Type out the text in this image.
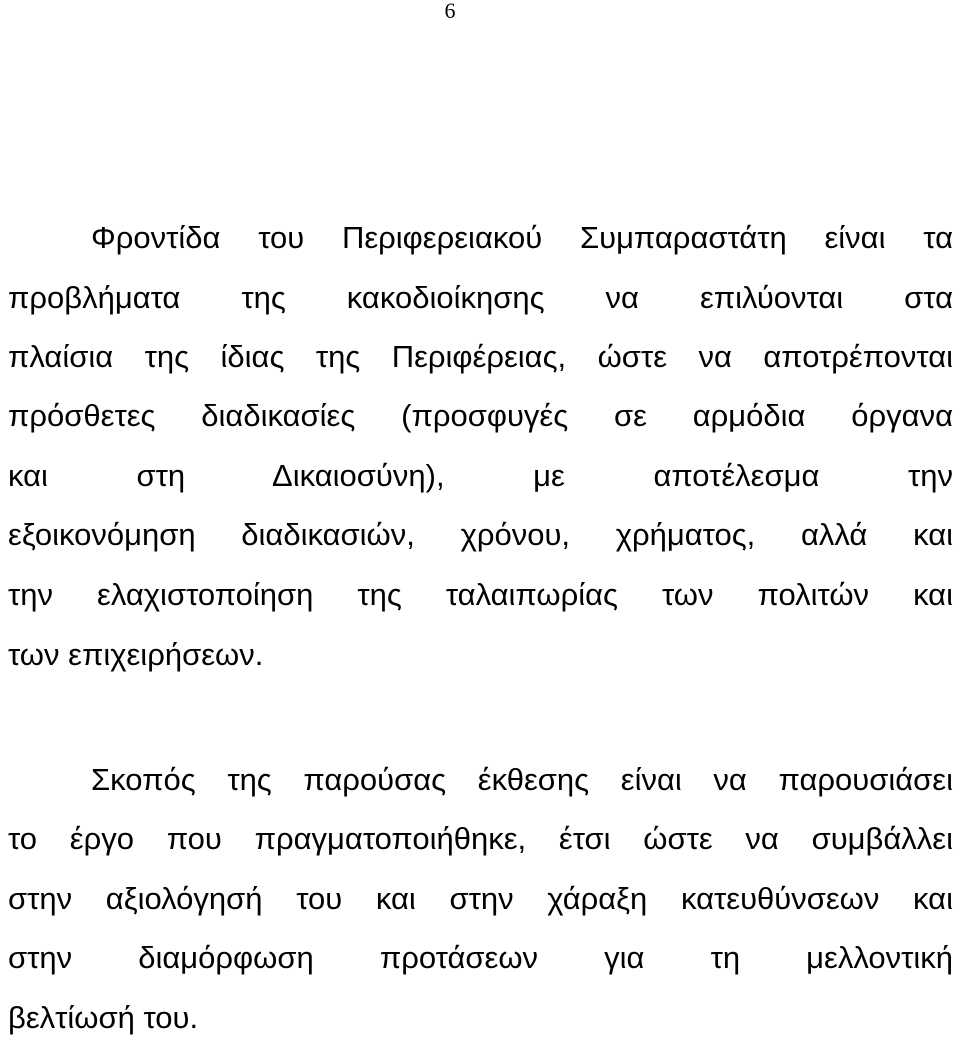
6
Φροντίδα του Περιφερειακού Συμπαραστάτη είναι τα
προβλήματα της κακοδιοίκησης να επιλύονται στα
πλαίσια της ίδιας της Περιφέρειας, ώστε να αποτρέπονται
πρόσθετες διαδικασίες (προσφυγές σε αρμόδια όργανα
και στη Δικαιοσύνη), με αποτέλεσμα την
εξοικονόμηση διαδικασιών, χρόνου, χρήματος, αλλά και
την ελαχιστοποίηση της ταλαιπωρίας των πολιτών και
των επιχειρήσεων.
Σκοπός της παρούσας έκθεσης είναι να παρουσιάσει
το έργο που πραγματοποιήθηκε, έτσι ώστε να συμβάλλει
στην αξιολόγησή του και στην χάραξη κατευθύνσεων και
στην διαμόρφωση προτάσεων για τη μελλοντική
βελτίωσή του.
